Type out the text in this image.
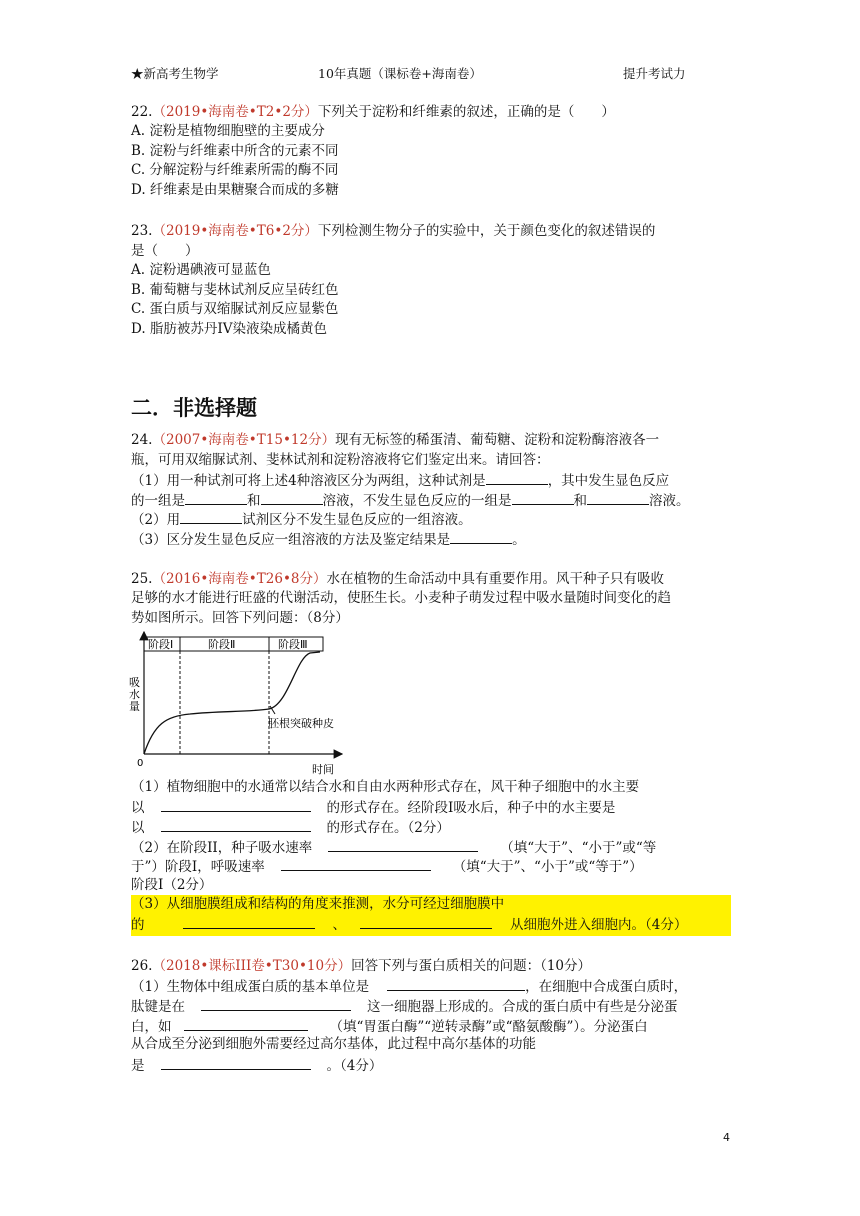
★新高考生物学	10年真题（课标卷+海南卷）	提升考试力
22.（2019•海南卷•T2•2分）下列关于淀粉和纤维素的叙述，正确的是（　　）
A. 淀粉是植物细胞壁的主要成分
B. 淀粉与纤维素中所含的元素不同
C. 分解淀粉与纤维素所需的酶不同
D. 纤维素是由果糖聚合而成的多糖
23.（2019•海南卷•T6•2分）下列检测生物分子的实验中，关于颜色变化的叙述错误的
是（　　）
A. 淀粉遇碘液可显蓝色
B. 葡萄糖与斐林试剂反应呈砖红色
C. 蛋白质与双缩脲试剂反应显紫色
D. 脂肪被苏丹IV染液染成橘黄色
二．非选择题
24.（2007•海南卷•T15•12分）现有无标签的稀蛋清、葡萄糖、淀粉和淀粉酶溶液各一
瓶，可用双缩脲试剂、斐林试剂和淀粉溶液将它们鉴定出来。请回答：
（1）用一种试剂可将上述4种溶液区分为两组，这种试剂是	，其中发生显色反应
的一组是	和	溶液，不发生显色反应的一组是	和	溶液。
（2）用	试剂区分不发生显色反应的一组溶液。
（3）区分发生显色反应一组溶液的方法及鉴定结果是	。
25.（2016•海南卷•T26•8分）水在植物的生命活动中具有重要作用。风干种子只有吸收
足够的水才能进行旺盛的代谢活动，使胚生长。小麦种子萌发过程中吸水量随时间变化的趋
势如图所示。回答下列问题：（8分）
阶段Ⅰ	阶段Ⅱ	阶段Ⅲ
吸
水
量
0	时间
胚根突破种皮
（1）植物细胞中的水通常以结合水和自由水两种形式存在，风干种子细胞中的水主要
以	的形式存在。经阶段I吸水后，种子中的水主要是
以	的形式存在。（2分）
（2）在阶段II，种子吸水速率	（填“大于”、“小于”或“等
于”）阶段I，呼吸速率	（填“大于”、“小于”或“等于”）
阶段I（2分）
（3）从细胞膜组成和结构的角度来推测，水分可经过细胞膜中
的	、	从细胞外进入细胞内。（4分）
26.（2018•课标III卷•T30•10分）回答下列与蛋白质相关的问题：（10分）
（1）生物体中组成蛋白质的基本单位是	，在细胞中合成蛋白质时，
肽键是在	这一细胞器上形成的。合成的蛋白质中有些是分泌蛋
白，如	（填“胃蛋白酶”“逆转录酶”或“酪氨酸酶”）。分泌蛋白
从合成至分泌到细胞外需要经过高尔基体，此过程中高尔基体的功能
是	。（4分）
4
